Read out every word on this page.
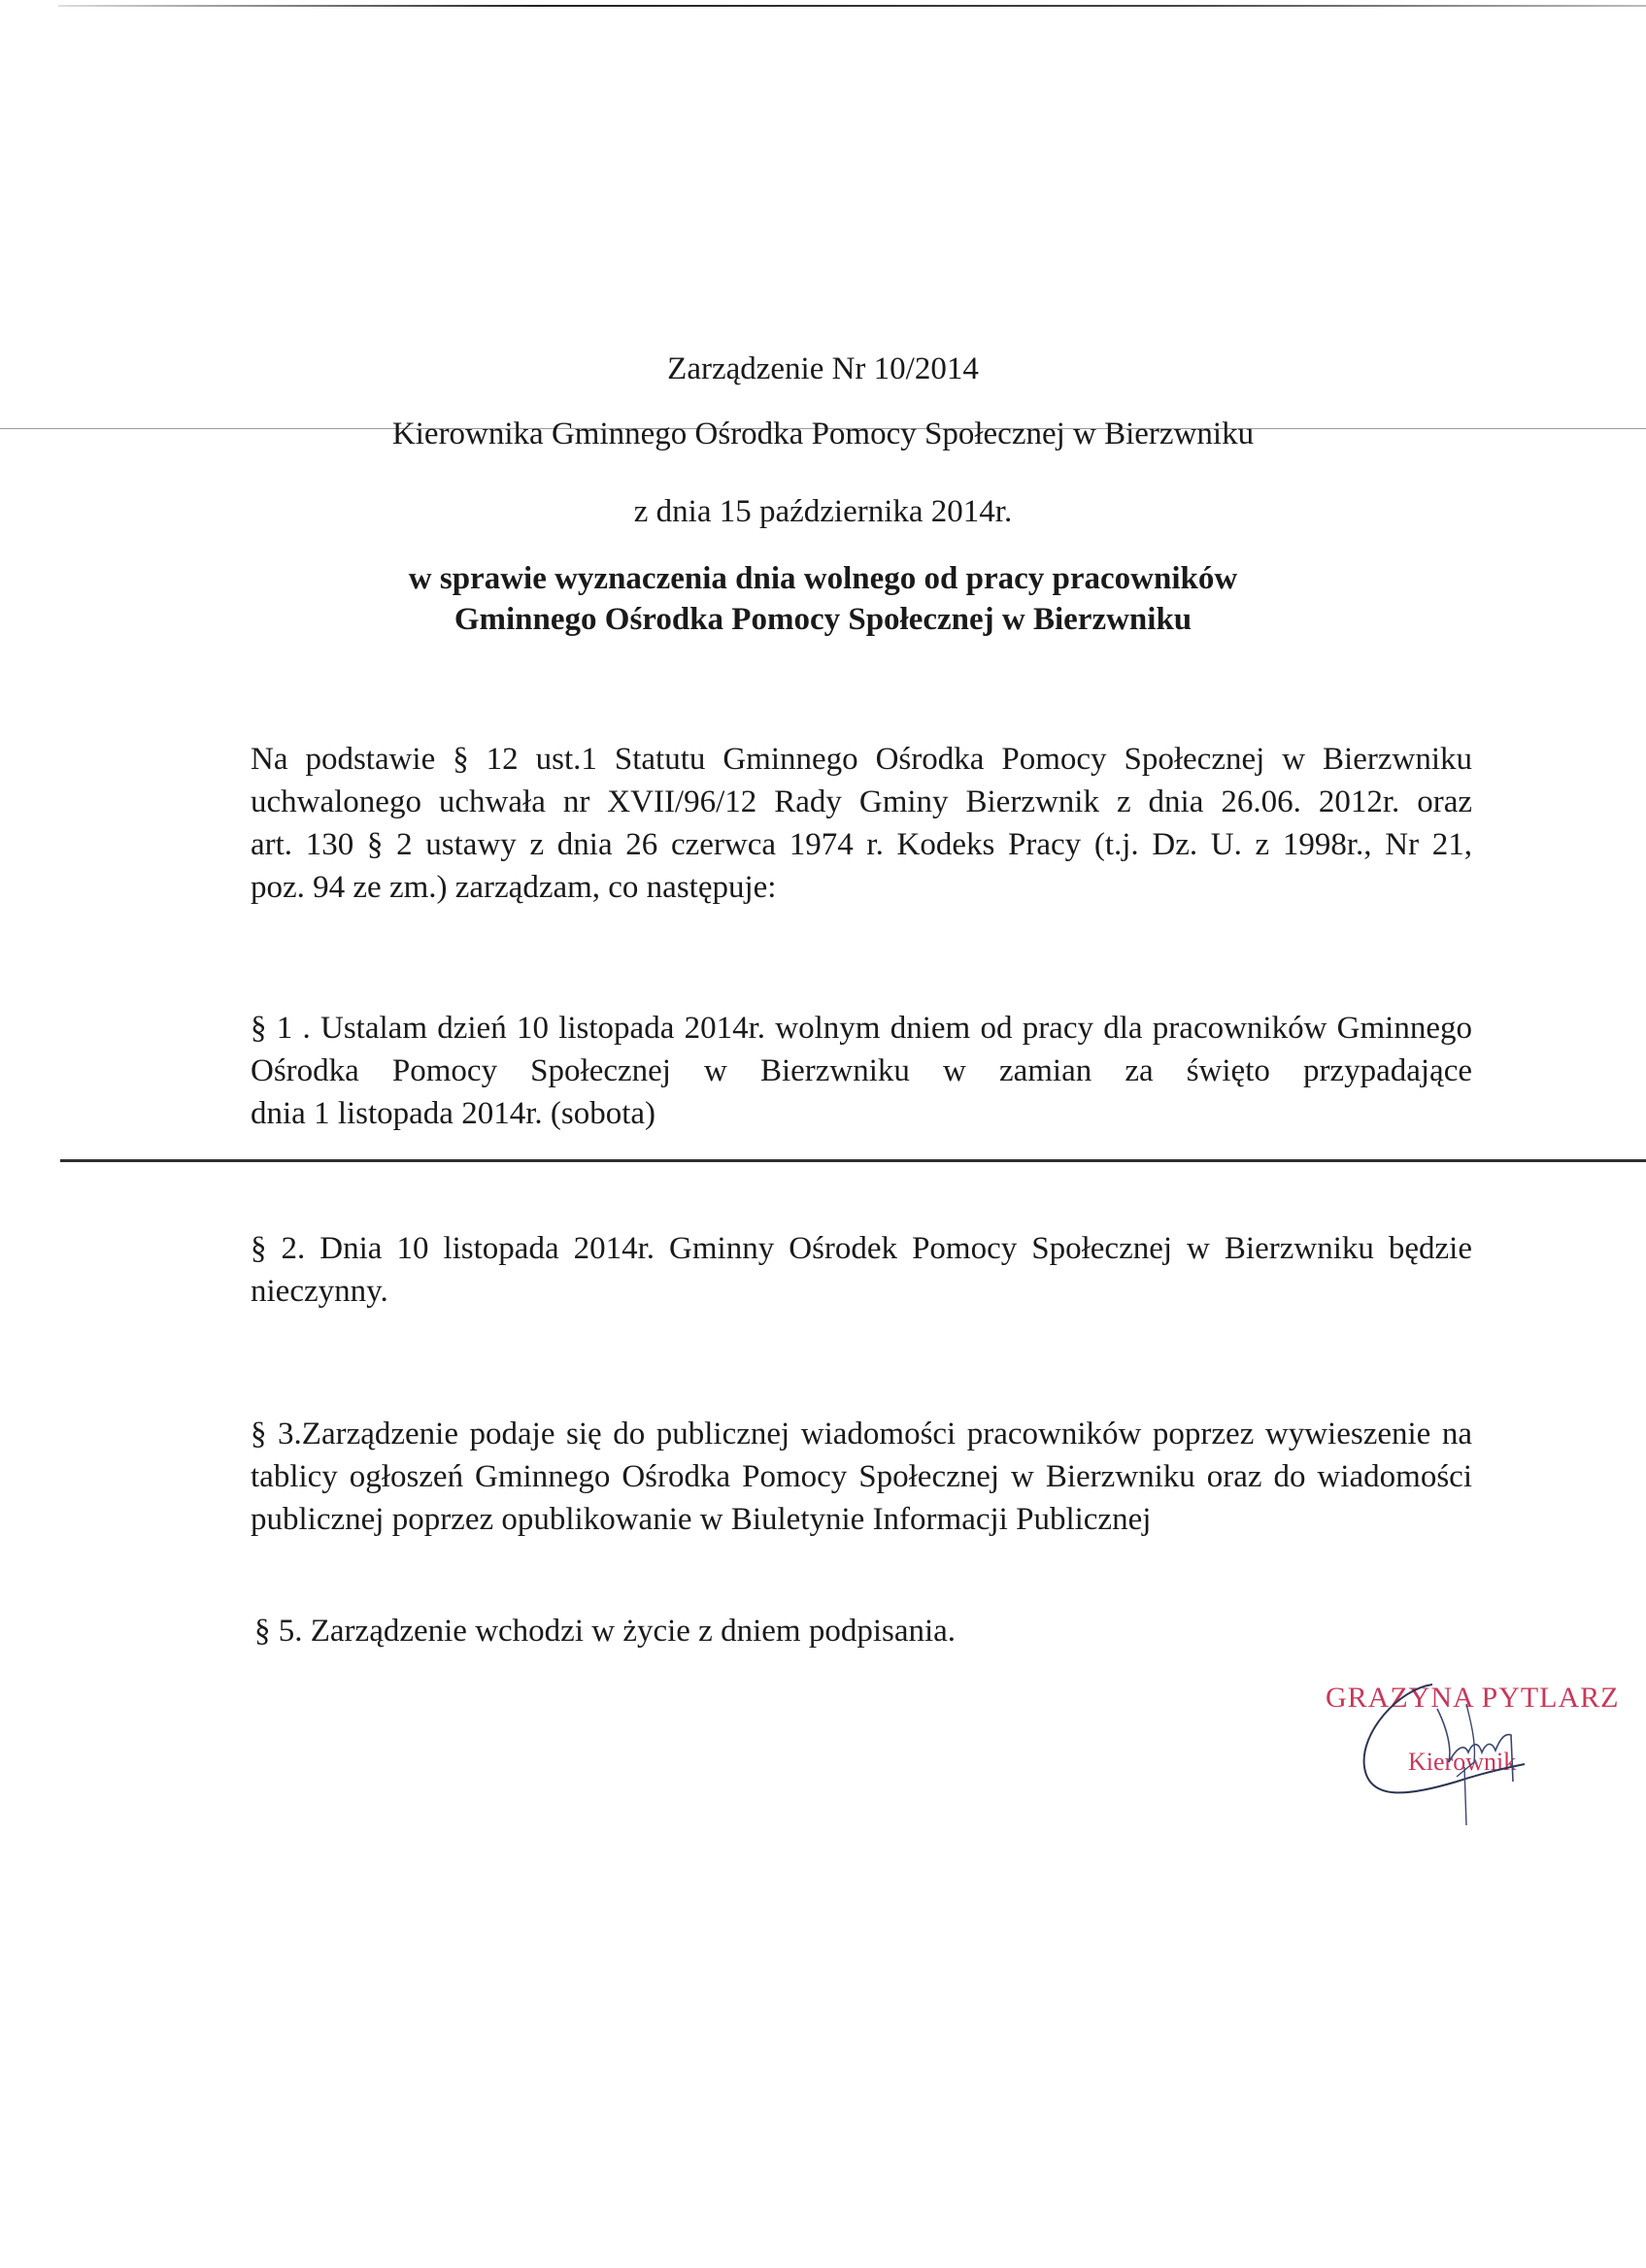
Zarządzenie Nr 10/2014
Kierownika Gminnego Ośrodka Pomocy Społecznej w Bierzwniku
z dnia 15 października 2014r.
w sprawie wyznaczenia dnia wolnego od pracy pracowników
Gminnego Ośrodka Pomocy Społecznej w Bierzwniku
Na podstawie § 12 ust.1 Statutu Gminnego Ośrodka Pomocy Społecznej w Bierzwniku
uchwalonego uchwała nr XVII/96/12 Rady Gminy Bierzwnik z dnia 26.06. 2012r. oraz
art. 130 § 2 ustawy z dnia 26 czerwca 1974 r. Kodeks Pracy (t.j. Dz. U. z 1998r., Nr 21,
poz. 94 ze zm.) zarządzam, co następuje:
§ 1 . Ustalam dzień 10 listopada 2014r. wolnym dniem od pracy dla pracowników Gminnego
Ośrodka Pomocy Społecznej w Bierzwniku w zamian za święto przypadające
dnia 1 listopada 2014r. (sobota)
§ 2. Dnia 10 listopada 2014r. Gminny Ośrodek Pomocy Społecznej w Bierzwniku będzie
nieczynny.
§ 3.Zarządzenie podaje się do publicznej wiadomości pracowników poprzez wywieszenie na
tablicy ogłoszeń Gminnego Ośrodka Pomocy Społecznej w Bierzwniku oraz do wiadomości
publicznej poprzez opublikowanie w Biuletynie Informacji Publicznej
§ 5. Zarządzenie wchodzi w życie z dniem podpisania.
GRAZYNA PYTLARZ
Kierownik
